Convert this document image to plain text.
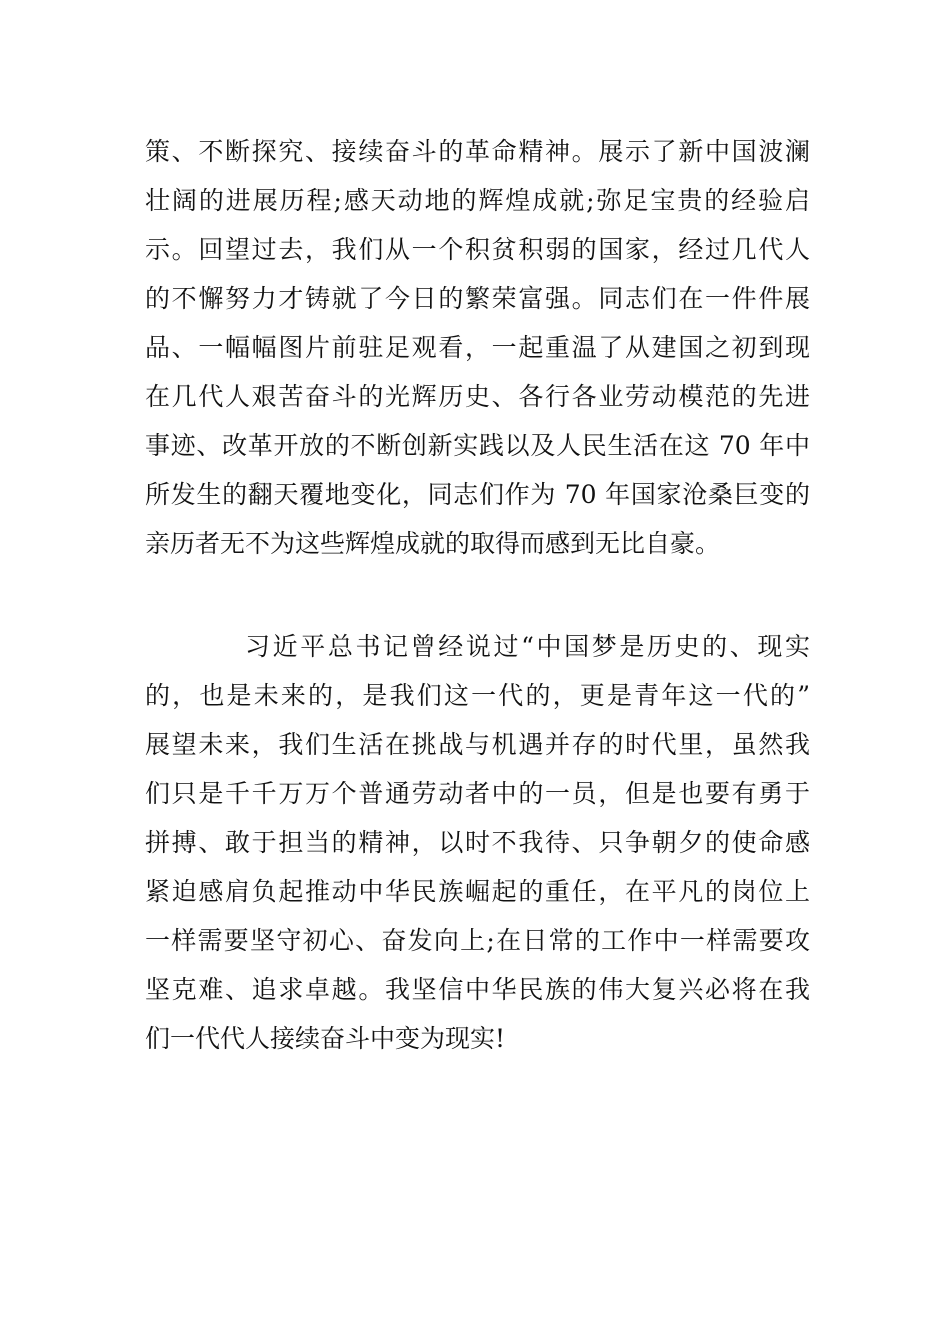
策、不断探究、接续奋斗的革命精神。展示了新中国波澜
壮阔的进展历程;感天动地的辉煌成就;弥足宝贵的经验启
示。回望过去，我们从一个积贫积弱的国家，经过几代人
的不懈努力才铸就了今日的繁荣富强。同志们在一件件展
品、一幅幅图片前驻足观看，一起重温了从建国之初到现
在几代人艰苦奋斗的光辉历史、各行各业劳动模范的先进
事迹、改革开放的不断创新实践以及人民生活在这 70 年中
所发生的翻天覆地变化，同志们作为 70 年国家沧桑巨变的
亲历者无不为这些辉煌成就的取得而感到无比自豪。
习近平总书记曾经说过“中国梦是历史的、现实
的，也是未来的，是我们这一代的，更是青年这一代的”
展望未来，我们生活在挑战与机遇并存的时代里，虽然我
们只是千千万万个普通劳动者中的一员，但是也要有勇于
拼搏、敢于担当的精神，以时不我待、只争朝夕的使命感
紧迫感肩负起推动中华民族崛起的重任，在平凡的岗位上
一样需要坚守初心、奋发向上;在日常的工作中一样需要攻
坚克难、追求卓越。我坚信中华民族的伟大复兴必将在我
们一代代人接续奋斗中变为现实!
